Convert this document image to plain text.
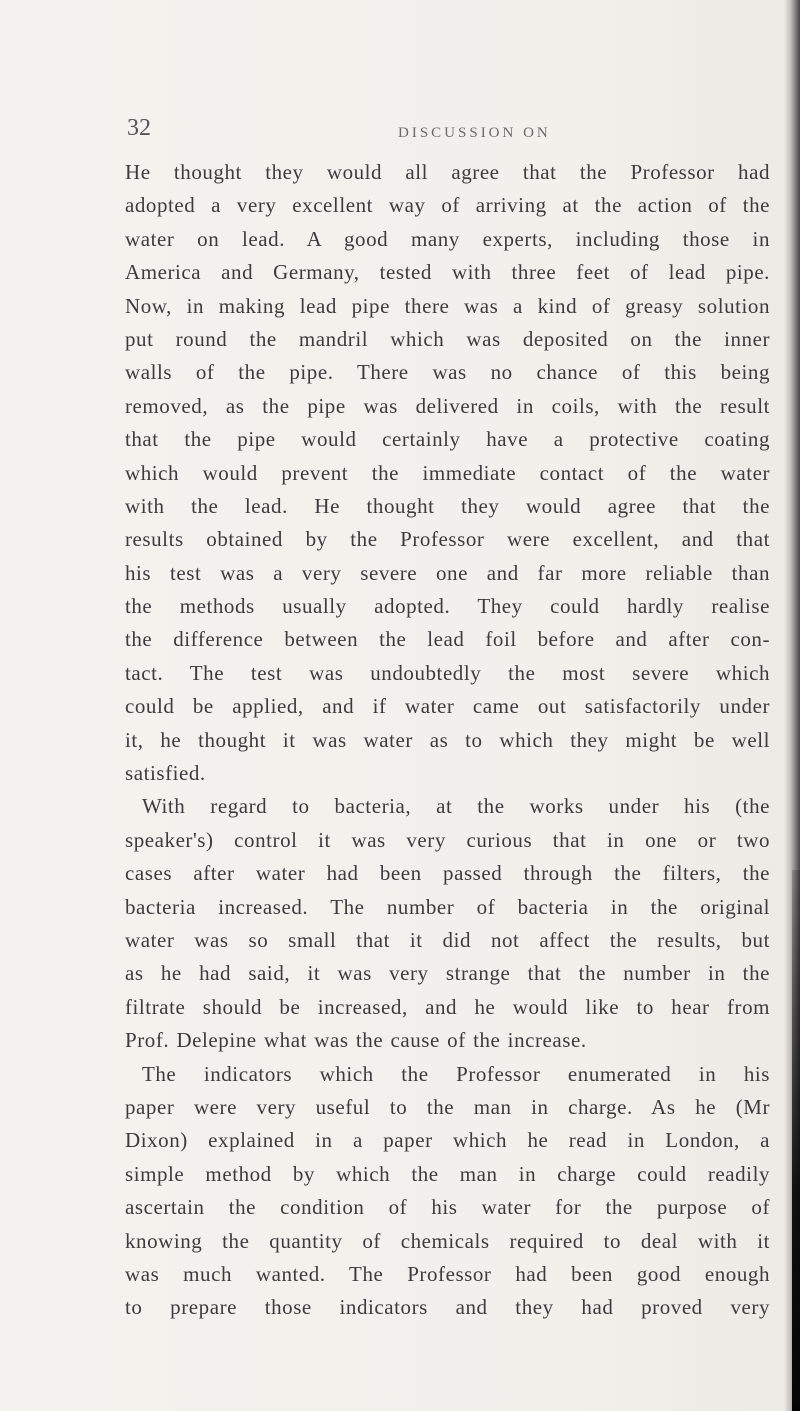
32	DISCUSSION ON
He thought they would all agree that the Professor had
adopted a very excellent way of arriving at the action of the
water on lead. A good many experts, including those in
America and Germany, tested with three feet of lead pipe.
Now, in making lead pipe there was a kind of greasy solution
put round the mandril which was deposited on the inner
walls of the pipe. There was no chance of this being
removed, as the pipe was delivered in coils, with the result
that the pipe would certainly have a protective coating
which would prevent the immediate contact of the water
with the lead. He thought they would agree that the
results obtained by the Professor were excellent, and that
his test was a very severe one and far more reliable than
the methods usually adopted. They could hardly realise
the difference between the lead foil before and after con-
tact. The test was undoubtedly the most severe which
could be applied, and if water came out satisfactorily under
it, he thought it was water as to which they might be well
satisfied.
With regard to bacteria, at the works under his (the
speaker's) control it was very curious that in one or two
cases after water had been passed through the filters, the
bacteria increased. The number of bacteria in the original
water was so small that it did not affect the results, but
as he had said, it was very strange that the number in the
filtrate should be increased, and he would like to hear from
Prof. Delepine what was the cause of the increase.
The indicators which the Professor enumerated in his
paper were very useful to the man in charge. As he (Mr
Dixon) explained in a paper which he read in London, a
simple method by which the man in charge could readily
ascertain the condition of his water for the purpose of
knowing the quantity of chemicals required to deal with it
was much wanted. The Professor had been good enough
to prepare those indicators and they had proved very
